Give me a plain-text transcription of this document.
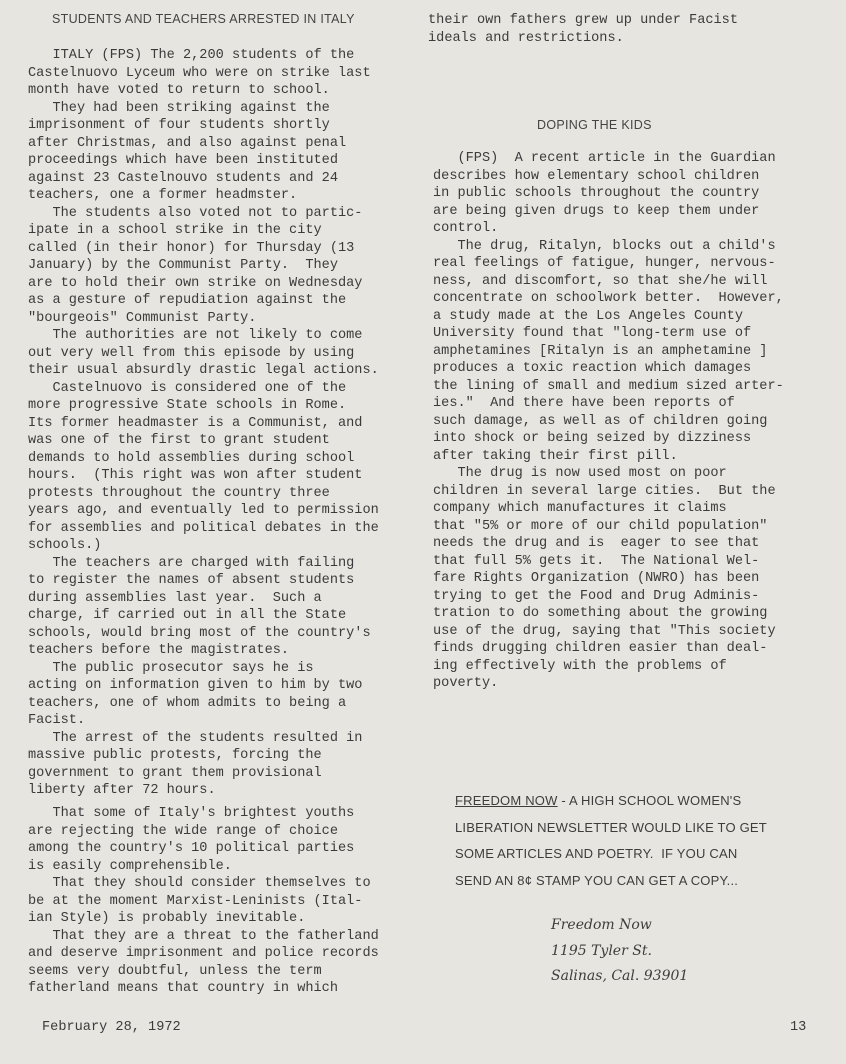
STUDENTS AND TEACHERS ARRESTED IN ITALY
ITALY (FPS) The 2,200 students of the
Castelnuovo Lyceum who were on strike last
month have voted to return to school.
They had been striking against the
imprisonment of four students shortly
after Christmas, and also against penal
proceedings which have been instituted
against 23 Castelnouvo students and 24
teachers, one a former headmster.
The students also voted not to partic-
ipate in a school strike in the city
called (in their honor) for Thursday (13
January) by the Communist Party.  They
are to hold their own strike on Wednesday
as a gesture of repudiation against the
"bourgeois" Communist Party.
The authorities are not likely to come
out very well from this episode by using
their usual absurdly drastic legal actions.
Castelnuovo is considered one of the
more progressive State schools in Rome.
Its former headmaster is a Communist, and
was one of the first to grant student
demands to hold assemblies during school
hours.  (This right was won after student
protests throughout the country three
years ago, and eventually led to permission
for assemblies and political debates in the
schools.)
The teachers are charged with failing
to register the names of absent students
during assemblies last year.  Such a
charge, if carried out in all the State
schools, would bring most of the country's
teachers before the magistrates.
The public prosecutor says he is
acting on information given to him by two
teachers, one of whom admits to being a
Facist.
The arrest of the students resulted in
massive public protests, forcing the
government to grant them provisional
liberty after 72 hours.
That some of Italy's brightest youths
are rejecting the wide range of choice
among the country's 10 political parties
is easily comprehensible.
That they should consider themselves to
be at the moment Marxist-Leninists (Ital-
ian Style) is probably inevitable.
That they are a threat to the fatherland
and deserve imprisonment and police records
seems very doubtful, unless the term
fatherland means that country in which
their own fathers grew up under Facist
ideals and restrictions.
DOPING THE KIDS
(FPS)  A recent article in the Guardian
describes how elementary school children
in public schools throughout the country
are being given drugs to keep them under
control.
The drug, Ritalyn, blocks out a child's
real feelings of fatigue, hunger, nervous-
ness, and discomfort, so that she/he will
concentrate on schoolwork better.  However,
a study made at the Los Angeles County
University found that "long-term use of
amphetamines [Ritalyn is an amphetamine ]
produces a toxic reaction which damages
the lining of small and medium sized arter-
ies."  And there have been reports of
such damage, as well as of children going
into shock or being seized by dizziness
after taking their first pill.
The drug is now used most on poor
children in several large cities.  But the
company which manufactures it claims
that "5% or more of our child population"
needs the drug and is  eager to see that
that full 5% gets it.  The National Wel-
fare Rights Organization (NWRO) has been
trying to get the Food and Drug Adminis-
tration to do something about the growing
use of the drug, saying that "This society
finds drugging children easier than deal-
ing effectively with the problems of
poverty.
FREEDOM NOW - A HIGH SCHOOL WOMEN'S
LIBERATION NEWSLETTER WOULD LIKE TO GET
SOME ARTICLES AND POETRY.  IF YOU CAN
SEND AN 8¢ STAMP YOU CAN GET A COPY...
Freedom Now
1195 Tyler St.
Salinas, Cal. 93901
February 28, 1972	13
